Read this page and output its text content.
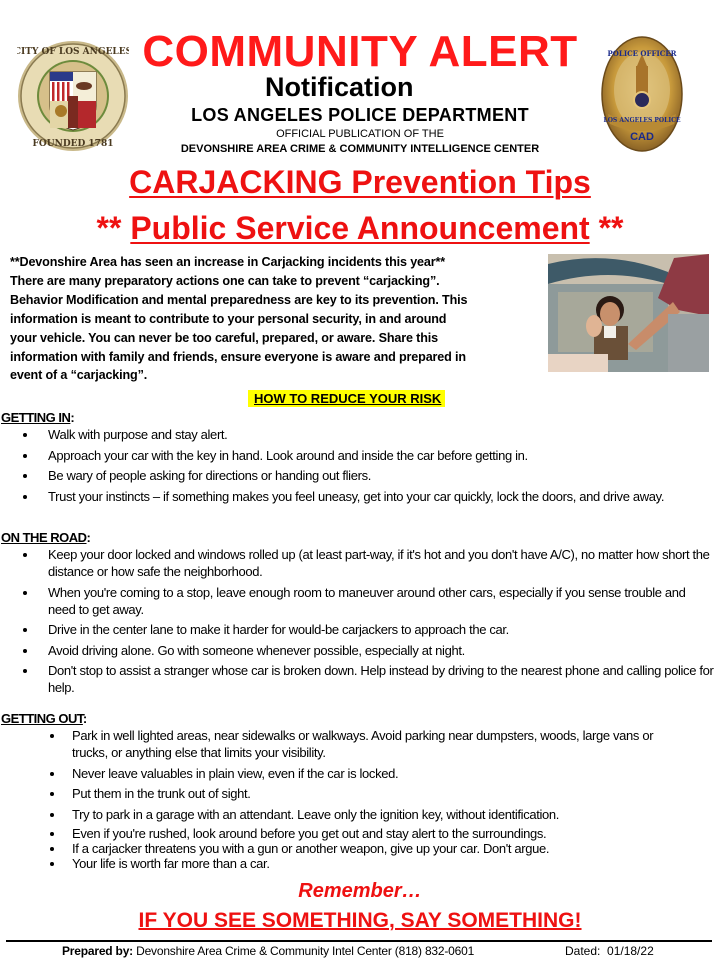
CITY OF LOS ANGELES
FOUNDED 1781
COMMUNITY ALERT
Notification
LOS ANGELES POLICE DEPARTMENT
OFFICIAL PUBLICATION OF THE
DEVONSHIRE AREA CRIME & COMMUNITY INTELLIGENCE CENTER
POLICE OFFICER
LOS ANGELES POLICE
CAD
CARJACKING Prevention Tips
** Public Service Announcement **

**Devonshire Area has seen an increase in Carjacking incidents this year**

There are many preparatory actions one can take to prevent “carjacking”.

Behavior Modification and mental preparedness are key to its prevention. This

information is meant to contribute to your personal security, in and around

your vehicle. You can never be too careful, prepared, or aware. Share this

information with family and friends, ensure everyone is aware and prepared in

event of a “carjacking”.

HOW TO REDUCE YOUR RISK
GETTING IN:
Walk with purpose and stay alert.
Approach your car with the key in hand. Look around and inside the car before getting in.
Be wary of people asking for directions or handing out fliers.
Trust your instincts – if something makes you feel uneasy, get into your car quickly, lock the doors, and drive away.
ON THE ROAD:
Keep your door locked and windows rolled up (at least part-way, if it's hot and you don't have A/C), no matter how short the distance or how safe the neighborhood.
When you're coming to a stop, leave enough room to maneuver around other cars, especially if you sense trouble and need to get away.
Drive in the center lane to make it harder for would-be carjackers to approach the car.
Avoid driving alone. Go with someone whenever possible, especially at night.
Don't stop to assist a stranger whose car is broken down. Help instead by driving to the nearest phone and calling police for help.
GETTING OUT:
Park in well lighted areas, near sidewalks or walkways. Avoid parking near dumpsters, woods, large vans or trucks, or anything else that limits your visibility.
Never leave valuables in plain view, even if the car is locked.
Put them in the trunk out of sight.
Try to park in a garage with an attendant. Leave only the ignition key, without identification.
Even if you're rushed, look around before you get out and stay alert to the surroundings.
If a carjacker threatens you with a gun or another weapon, give up your car. Don't argue.
Your life is worth far more than a car.
Remember…
IF YOU SEE SOMETHING, SAY SOMETHING!
Prepared by: Devonshire Area Crime & Community Intel Center (818) 832-0601	Dated: 01/18/22
